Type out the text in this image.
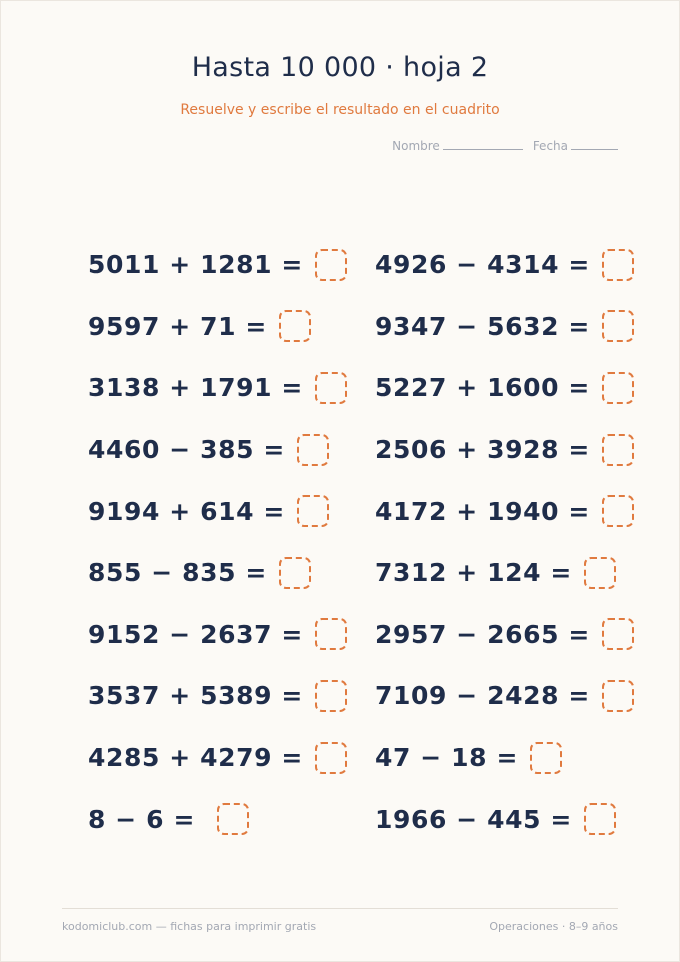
Hasta 10 000 · hoja 2
Resuelve y escribe el resultado en el cuadrito
Nombre	Fecha
5011 + 1281 =
9597 + 71 =
3138 + 1791 =
4460 − 385 =
9194 + 614 =
855 − 835 =
9152 − 2637 =
3537 + 5389 =
4285 + 4279 =
8 − 6 =
4926 − 4314 =
9347 − 5632 =
5227 + 1600 =
2506 + 3928 =
4172 + 1940 =
7312 + 124 =
2957 − 2665 =
7109 − 2428 =
47 − 18 =
1966 − 445 =
kodomiclub.com — fichas para imprimir gratis	Operaciones · 8–9 años
